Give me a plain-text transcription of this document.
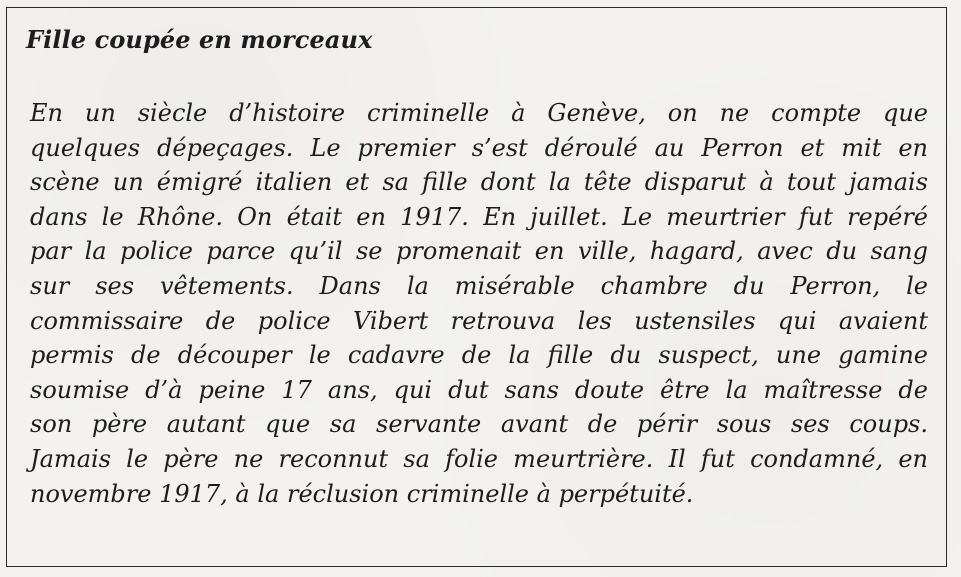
Fille coupée en morceaux

En un siècle d’histoire criminelle à Genève, on ne compte que
quelques dépeçages. Le premier s’est déroulé au Perron et mit en
scène un émigré italien et sa fille dont la tête disparut à tout jamais
dans le Rhône. On était en 1917. En juillet. Le meurtrier fut repéré
par la police parce qu’il se promenait en ville, hagard, avec du sang
sur ses vêtements. Dans la misérable chambre du Perron, le
commissaire de police Vibert retrouva les ustensiles qui avaient
permis de découper le cadavre de la fille du suspect, une gamine
soumise d’à peine 17 ans, qui dut sans doute être la maîtresse de
son père autant que sa servante avant de périr sous ses coups.
Jamais le père ne reconnut sa folie meurtrière. Il fut condamné, en
novembre 1917, à la réclusion criminelle à perpétuité.
